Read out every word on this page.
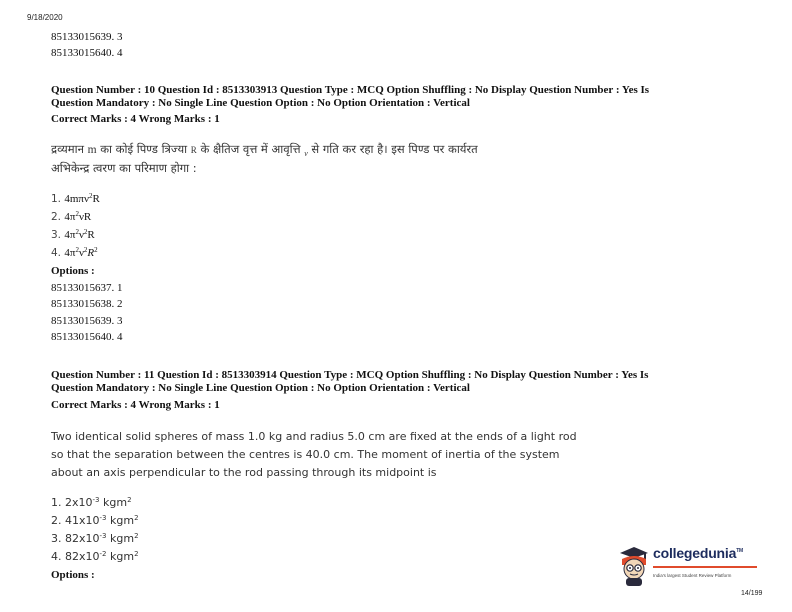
9/18/2020
85133015639. 3
85133015640. 4
Question Number : 10 Question Id : 8513303913 Question Type : MCQ Option Shuffling : No Display Question Number : Yes Is
Question Mandatory : No Single Line Question Option : No Option Orientation : Vertical
Correct Marks : 4 Wrong Marks : 1
द्रव्यमान m का कोई पिण्ड त्रिज्या R के क्षैतिज वृत्त में आवृत्ति $_\nu$ से गति कर रहा है। इस पिण्ड पर कार्यरत
अभिकेन्द्र त्वरण का परिमाण होगा :
1. 4mπν$^2$R
2. $4\pi^2\nu R$
3. $4\pi^2\nu^2R$
4. $4\pi^2\nu^2R^2$
Options :
85133015637. 1
85133015638. 2
85133015639. 3
85133015640. 4
Question Number : 11 Question Id : 8513303914 Question Type : MCQ Option Shuffling : No Display Question Number : Yes Is
Question Mandatory : No Single Line Question Option : No Option Orientation : Vertical
Correct Marks : 4 Wrong Marks : 1
Two identical solid spheres of mass 1.0 kg and radius 5.0 cm are fixed at the ends of a light rod
so that the separation between the centres is 40.0 cm. The moment of inertia of the system
about an axis perpendicular to the rod passing through its midpoint is
1. $2x10^{-3}$ kgm$^2$
2. $41x10^{-3}$ kgm$^2$
3. $82x10^{-3}$ kgm$^2$
4. $82x10^{-2}$ kgm$^2$
Options :
collegedunia™
India's largest Student Review Platform
14/199
